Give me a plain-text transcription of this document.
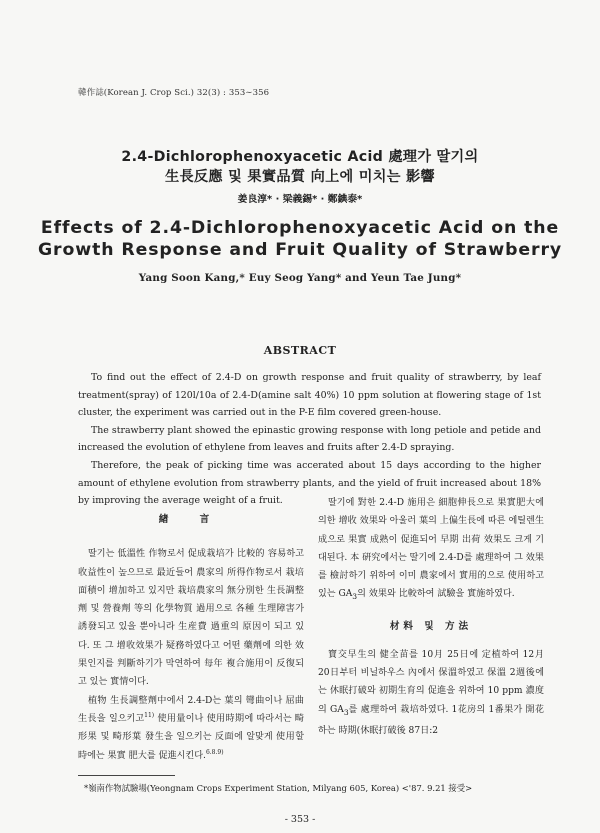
韓作誌(Korean J. Crop Sci.) 32(3) : 353∼356
2.4-Dichlorophenoxyacetic Acid 處理가 딸기의
生長反應 및 果實品質 向上에 미치는 影響
姜良淳* · 梁義錫* · 鄭錪泰*
Effects of 2.4-Dichlorophenoxyacetic Acid on the
Growth Response and Fruit Quality of Strawberry
Yang Soon Kang,* Euy Seog Yang* and Yeun Tae Jung*
ABSTRACT

To find out the effect of 2.4-D on growth response and fruit quality of strawberry, by leaf treatment(spray) of 120l/10a of 2.4-D(amine salt 40%) 10 ppm solution at flowering stage of 1st cluster, the experiment was carried out in the P-E film covered green-house.

The strawberry plant showed the epinastic growing response with long petiole and petide and increased the evolution of ethylene from leaves and fruits after 2.4-D spraying.

Therefore, the peak of picking time was accerated about 15 days according to the higher amount of ethylene evolution from strawberry plants, and the yield of fruit increased about 18% by improving the average weight of a fruit.

緖 言

딸기는 低溫性 作物로서 促成栽培가 比較的 容易하고 收益性이 높으므로 最近들어 農家의 所得作物로서 栽培面積이 增加하고 있지만 栽培農家의 無分別한 生長調整劑 및 營養劑 等의 化學物質 過用으로 各種 生理障害가 誘發되고 있을 뿐아니라 生産費 過重의 原因이 되고 있다. 또 그 增收效果가 疑務하였다고 어떤 藥劑에 의한 效果인지를 判斷하기가 막연하여 每年 複合施用이 反復되고 있는 實情이다.

植物 生長調整劑中에서 2.4-D는 葉의 彎曲이나 屈曲生長을 일으키고$^{11)}$ 使用量이나 使用時期에 따라서는 畸形果 및 畸形葉 發生을 일으키는 反面에 알맞게 使用할 時에는 果實 肥大를 促進시킨다.$^{6.8.9)}$

딸기에 對한 2.4-D 施用은 細胞伸長으로 果實肥大에 의한 增收 效果와 아울러 葉의 上偏生長에 따른 에틸렌生成으로 果實 成熟이 促進되어 早期 出荷 效果도 크게 기대된다. 本 硏究에서는 딸기에 2.4-D를 處理하여 그 效果를 檢討하기 위하여 이미 農家에서 實用的으로 使用하고 있는 $GA_3$의 效果와 比較하여 試驗을 實施하였다.

材料 및 方法

寶交早生의 健全苗를 10月 25日에 定植하여 12月 20日부터 비닐하우스 內에서 保溫하였고 保溫 2週後에는 休眠打破와 初期生育의 促進을 위하여 10 ppm 濃度의 $GA_3$를 處理하여 栽培하였다. 1花房의 1番果가 開花하는 時期(休眠打破後 87日:2

*嶺南作物試驗場(Yeongnam Crops Experiment Station, Milyang 605, Korea) <'87. 9.21 接受>
- 353 -
